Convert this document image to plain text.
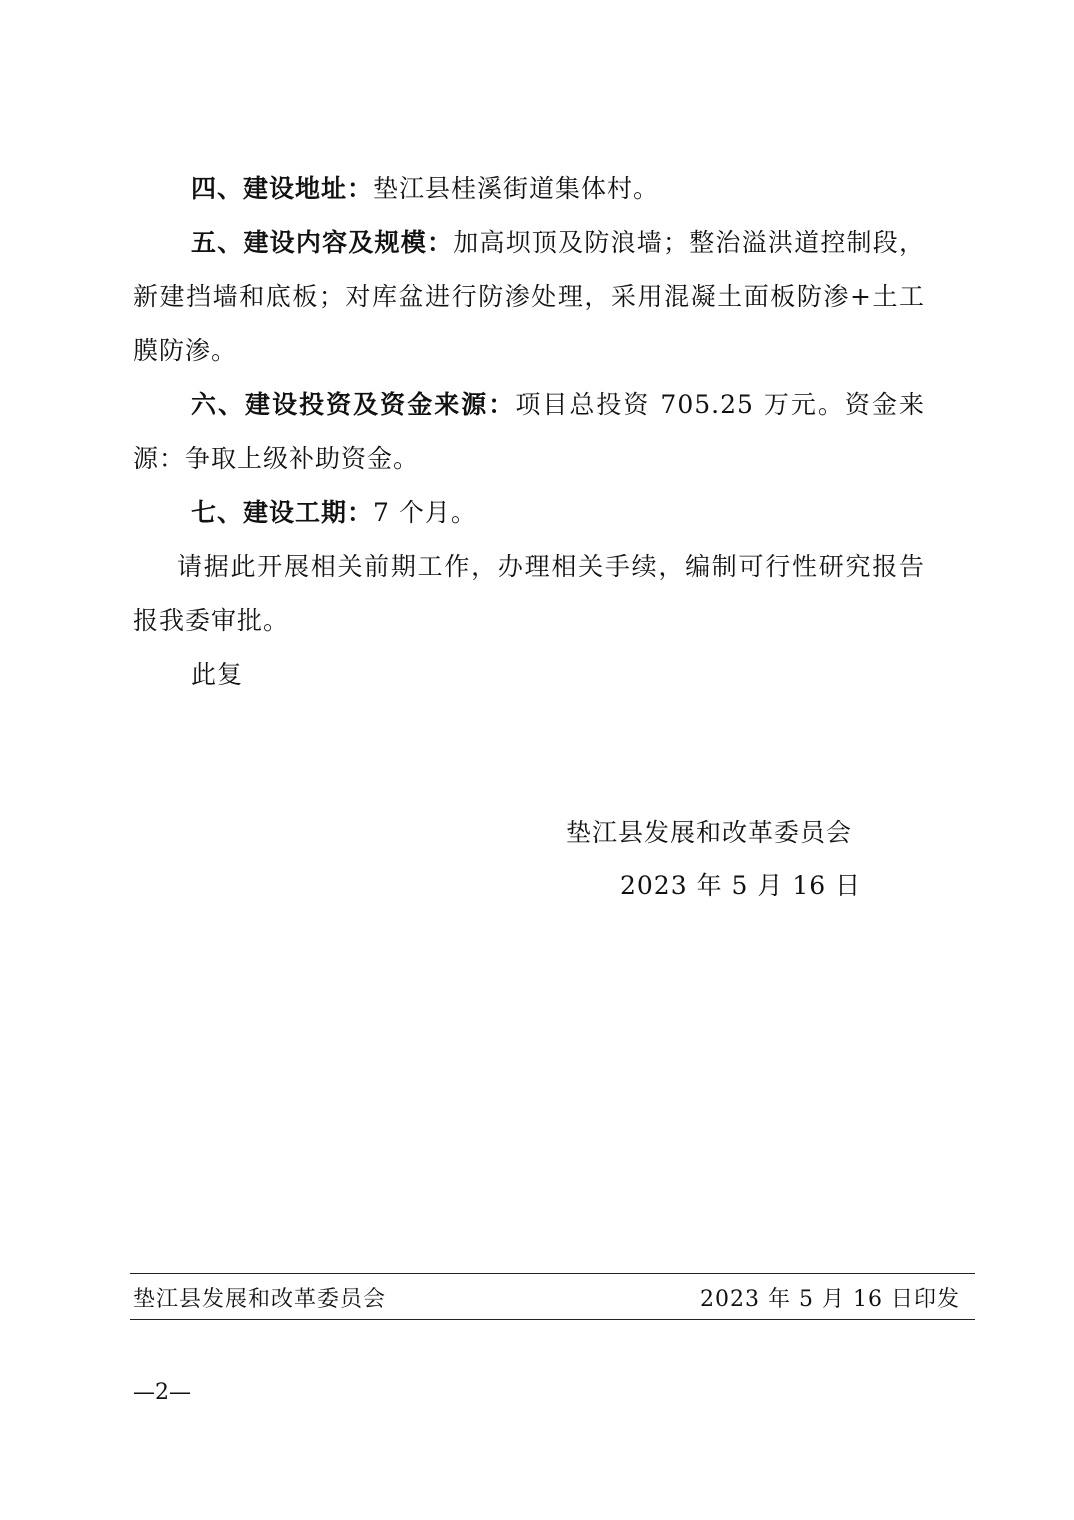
四、建设地址：垫江县桂溪街道集体村。

五、建设内容及规模：加高坝顶及防浪墙；整治溢洪道控制段，新建挡墙和底板；对库盆进行防渗处理，采用混凝土面板防渗+土工膜防渗。

六、建设投资及资金来源：项目总投资 705.25 万元。资金来源：争取上级补助资金。

七、建设工期：7 个月。

请据此开展相关前期工作，办理相关手续，编制可行性研究报告报我委审批。

此复

垫江县发展和改革委员会

2023 年 5 月 16 日

垫江县发展和改革委员会	2023 年 5 月 16 日印发

—2—
